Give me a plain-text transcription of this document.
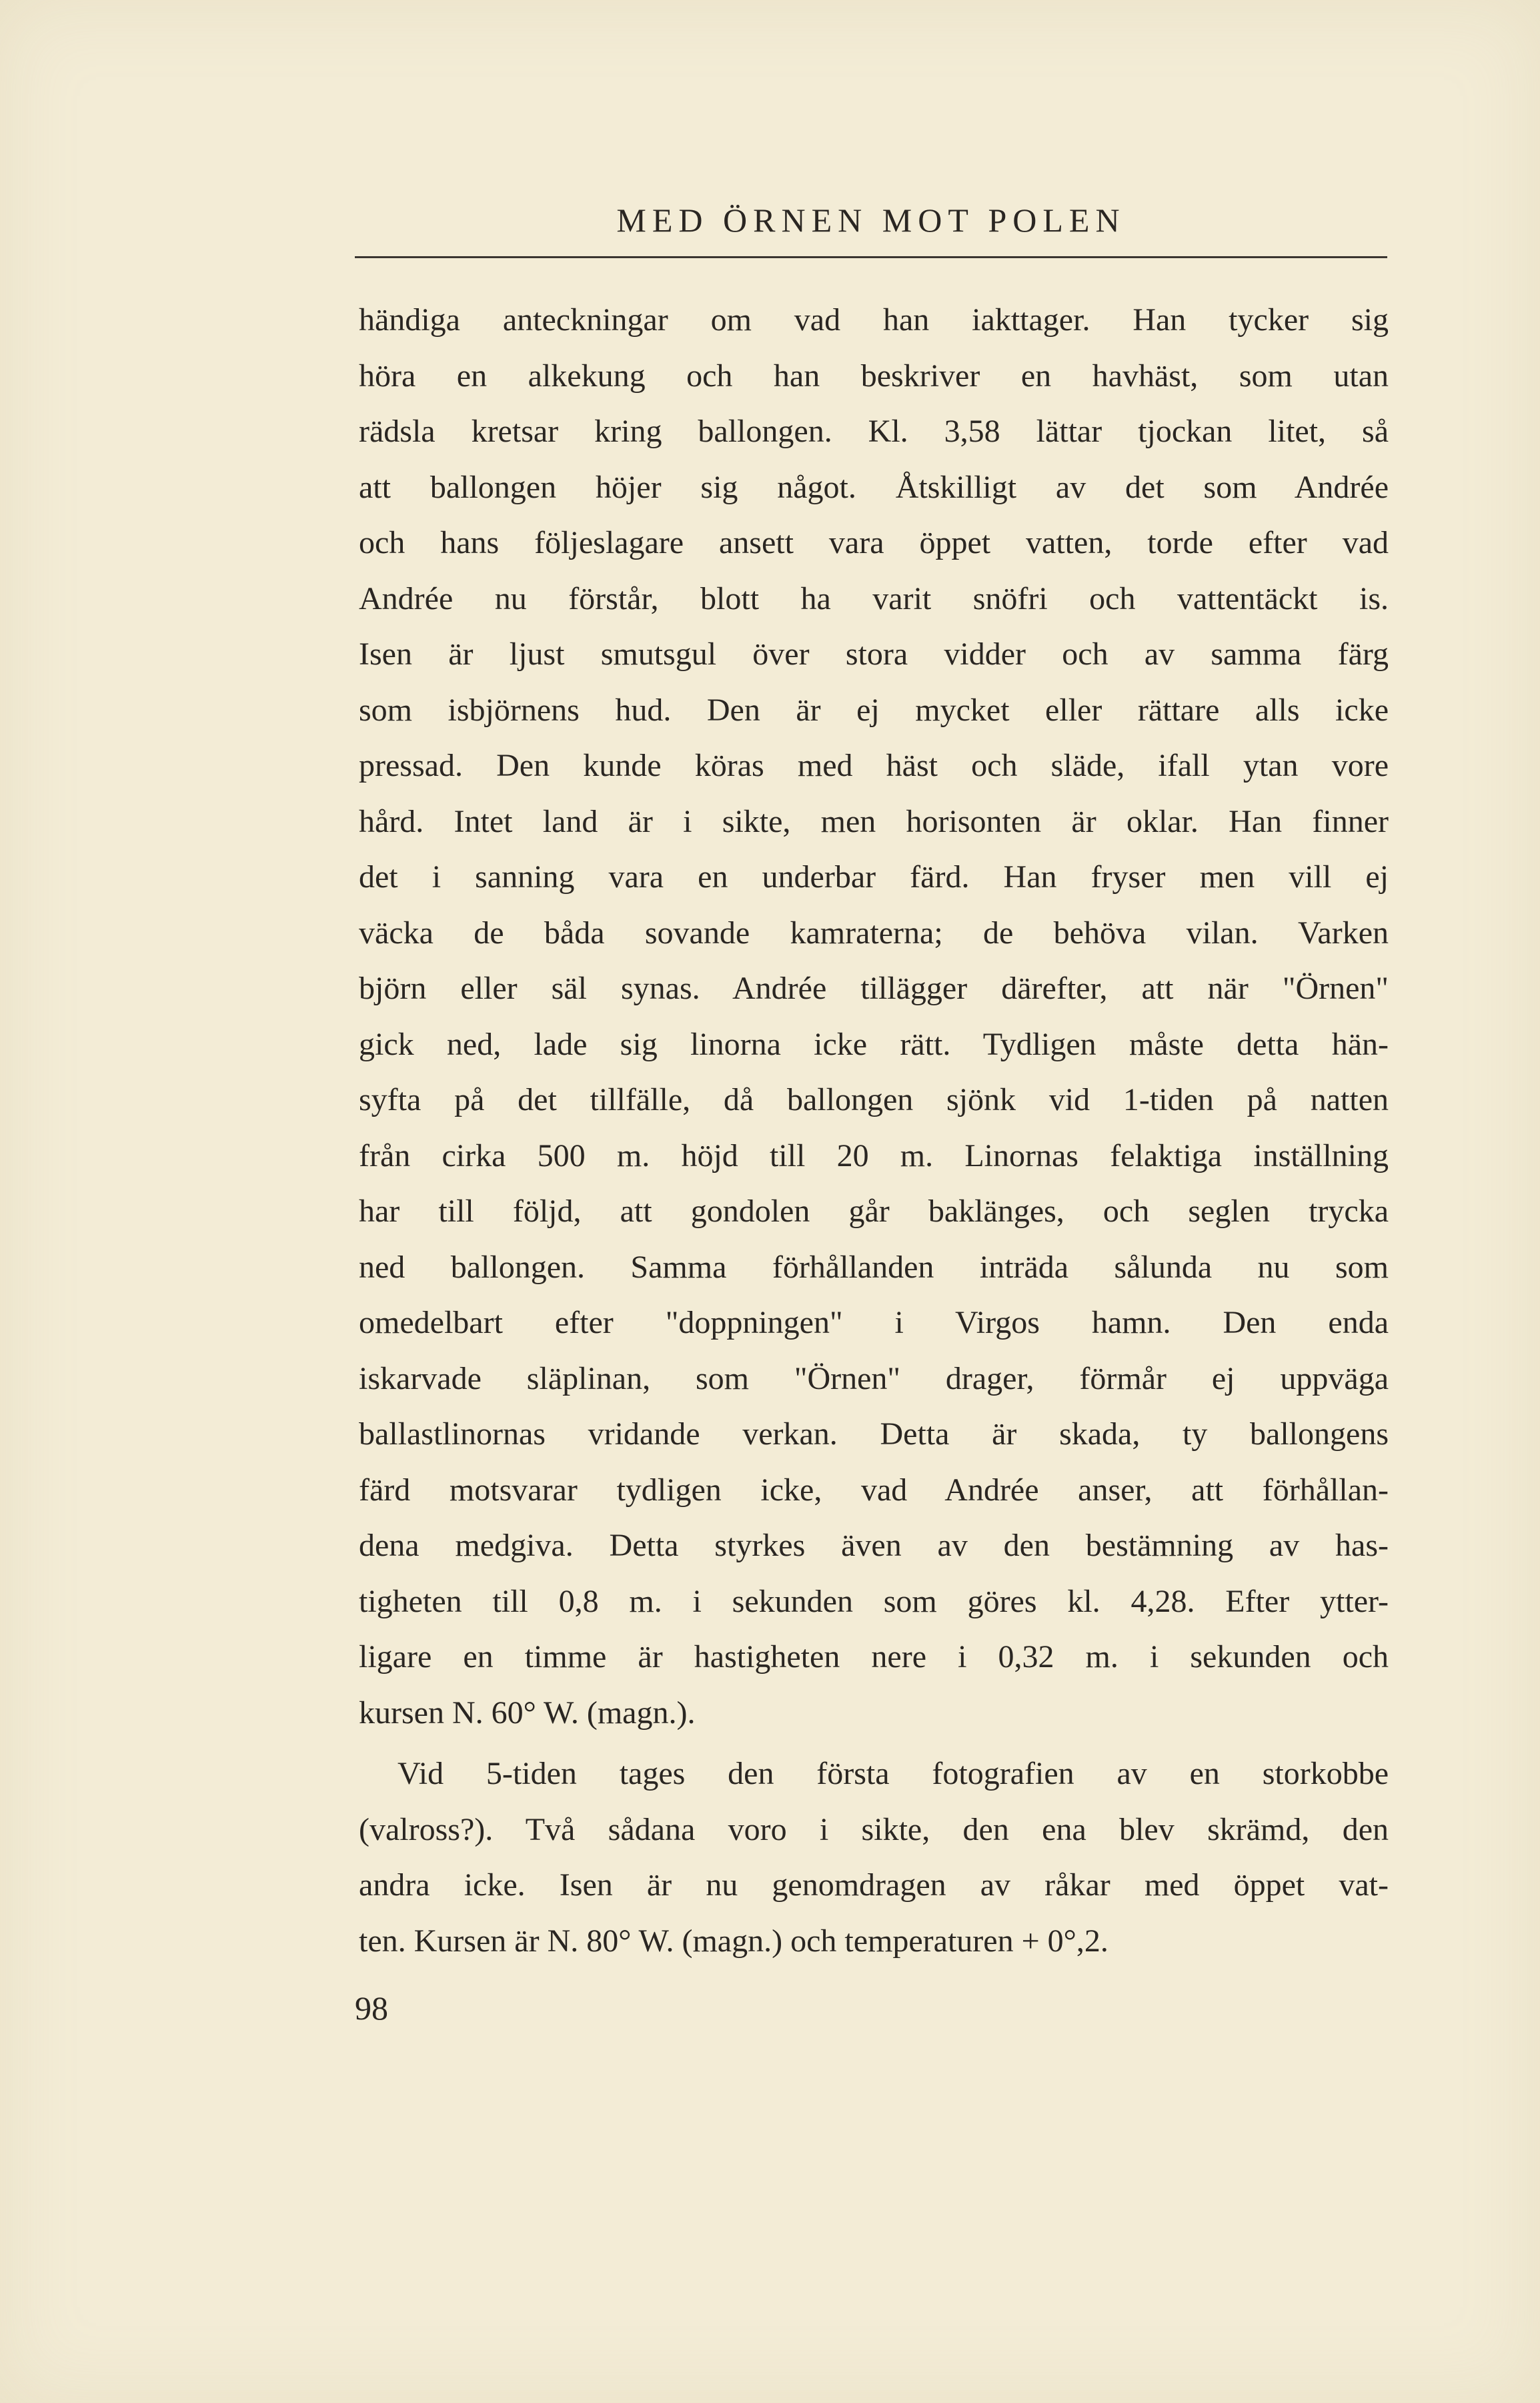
MED ÖRNEN MOT POLEN
händiga anteckningar om vad han iakttager. Han tycker sig
höra en alkekung och han beskriver en havhäst, som utan
rädsla kretsar kring ballongen. Kl. 3,58 lättar tjockan litet, så
att ballongen höjer sig något. Åtskilligt av det som Andrée
och hans följeslagare ansett vara öppet vatten, torde efter vad
Andrée nu förstår, blott ha varit snöfri och vattentäckt is.
Isen är ljust smutsgul över stora vidder och av samma färg
som isbjörnens hud. Den är ej mycket eller rättare alls icke
pressad. Den kunde köras med häst och släde, ifall ytan vore
hård. Intet land är i sikte, men horisonten är oklar. Han finner
det i sanning vara en underbar färd. Han fryser men vill ej
väcka de båda sovande kamraterna; de behöva vilan. Varken
björn eller säl synas. Andrée tillägger därefter, att när "Örnen"
gick ned, lade sig linorna icke rätt. Tydligen måste detta hän-
syfta på det tillfälle, då ballongen sjönk vid 1-tiden på natten
från cirka 500 m. höjd till 20 m. Linornas felaktiga inställning
har till följd, att gondolen går baklänges, och seglen trycka
ned ballongen. Samma förhållanden inträda sålunda nu som
omedelbart efter "doppningen" i Virgos hamn. Den enda
iskarvade släplinan, som "Örnen" drager, förmår ej uppväga
ballastlinornas vridande verkan. Detta är skada, ty ballongens
färd motsvarar tydligen icke, vad Andrée anser, att förhållan-
dena medgiva. Detta styrkes även av den bestämning av has-
tigheten till 0,8 m. i sekunden som göres kl. 4,28. Efter ytter-
ligare en timme är hastigheten nere i 0,32 m. i sekunden och
kursen N. 60° W. (magn.).
Vid 5-tiden tages den första fotografien av en storkobbe
(valross?). Två sådana voro i sikte, den ena blev skrämd, den
andra icke. Isen är nu genomdragen av råkar med öppet vat-
ten. Kursen är N. 80° W. (magn.) och temperaturen + 0°,2.
98
